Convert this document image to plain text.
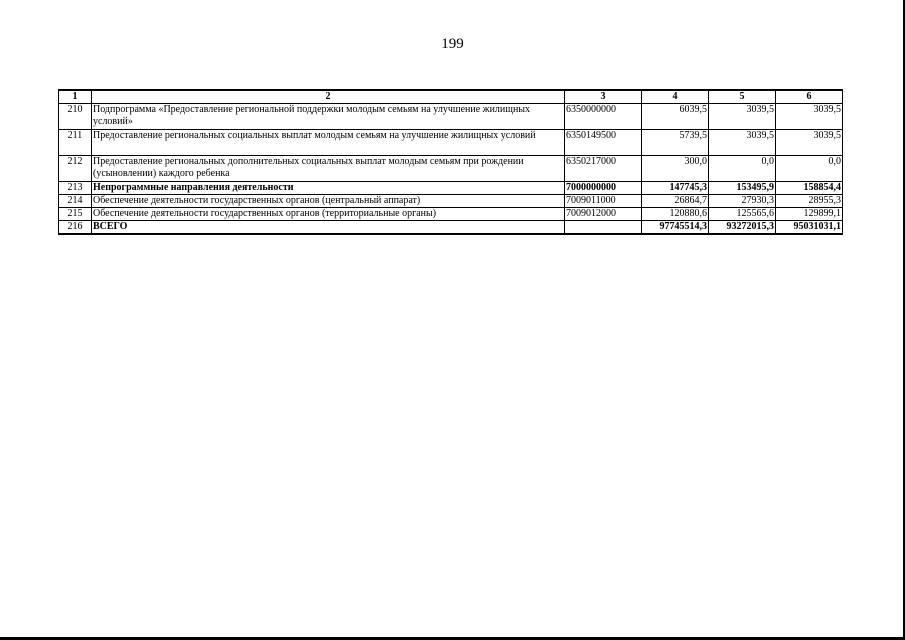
199
1	2	3	4	5	6
210	Подпрограмма «Предоставление региональной поддержки молодым семьям на улучшение жилищных условий»	6350000000	6039,5	3039,5	3039,5
211	Предоставление региональных социальных выплат молодым семьям на улучшение жилищных условий	6350149500	5739,5	3039,5	3039,5
212	Предоставление региональных дополнительных социальных выплат молодым семьям при рождении (усыновлении) каждого ребенка	6350217000	300,0	0,0	0,0
213	Непрограммные направления деятельности	7000000000	147745,3	153495,9	158854,4
214	Обеспечение деятельности государственных органов (центральный аппарат)	7009011000	26864,7	27930,3	28955,3
215	Обеспечение деятельности государственных органов (территориальные органы)	7009012000	120880,6	125565,6	129899,1
216	ВСЕГО		97745514,3	93272015,3	95031031,1
